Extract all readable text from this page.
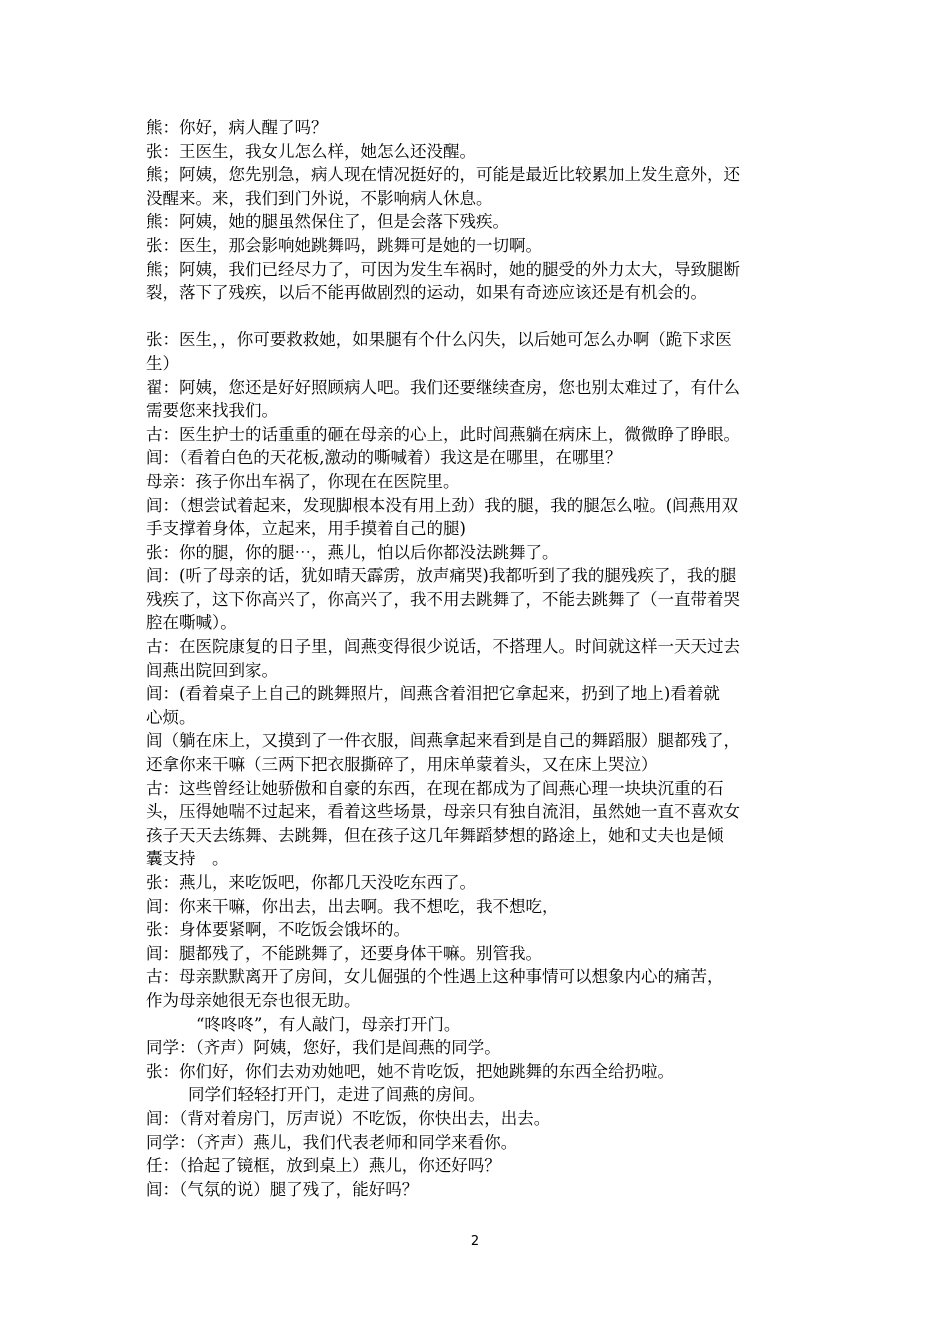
熊：你好，病人醒了吗？
张：王医生，我女儿怎么样，她怎么还没醒。
熊；阿姨，您先别急，病人现在情况挺好的，可能是最近比较累加上发生意外，还
没醒来。来，我们到门外说，不影响病人休息。
熊：阿姨，她的腿虽然保住了，但是会落下残疾。
张：医生，那会影响她跳舞吗，跳舞可是她的一切啊。
熊；阿姨，我们已经尽力了，可因为发生车祸时，她的腿受的外力太大，导致腿断
裂，落下了残疾，以后不能再做剧烈的运动，如果有奇迹应该还是有机会的。
张：医生，，你可要救救她，如果腿有个什么闪失，以后她可怎么办啊（跪下求医
生）
翟：阿姨，您还是好好照顾病人吧。我们还要继续查房，您也别太难过了，有什么
需要您来找我们。
古：医生护士的话重重的砸在母亲的心上，此时闾燕躺在病床上，微微睁了睁眼。
闾：（看着白色的天花板,激动的嘶喊着）我这是在哪里，在哪里？
母亲：孩子你出车祸了，你现在在医院里。
闾：（想尝试着起来，发现脚根本没有用上劲）我的腿，我的腿怎么啦。(闾燕用双
手支撑着身体，立起来，用手摸着自己的腿)
张：你的腿，你的腿⋯，燕儿，怕以后你都没法跳舞了。
闾：(听了母亲的话，犹如晴天霹雳，放声痛哭)我都听到了我的腿残疾了，我的腿
残疾了，这下你高兴了，你高兴了，我不用去跳舞了，不能去跳舞了（一直带着哭
腔在嘶喊）。
古：在医院康复的日子里，闾燕变得很少说话，不搭理人。时间就这样一天天过去
闾燕出院回到家。
闾：(看着桌子上自己的跳舞照片，闾燕含着泪把它拿起来，扔到了地上)看着就
心烦。
闾（躺在床上，又摸到了一件衣服，闾燕拿起来看到是自己的舞蹈服）腿都残了，
还拿你来干嘛（三两下把衣服撕碎了，用床单蒙着头，又在床上哭泣）
古：这些曾经让她骄傲和自豪的东西，在现在都成为了闾燕心理一块块沉重的石
头，压得她喘不过起来，看着这些场景，母亲只有独自流泪，虽然她一直不喜欢女
孩子天天去练舞、去跳舞，但在孩子这几年舞蹈梦想的路途上，她和丈夫也是倾
囊支持　。
张：燕儿，来吃饭吧，你都几天没吃东西了。
闾：你来干嘛，你出去，出去啊。我不想吃，我不想吃，
张：身体要紧啊，不吃饭会饿坏的。
闾：腿都残了，不能跳舞了，还要身体干嘛。别管我。
古：母亲默默离开了房间，女儿倔强的个性遇上这种事情可以想象内心的痛苦，
作为母亲她很无奈也很无助。
“咚咚咚”，有人敲门，母亲打开门。
同学：（齐声）阿姨，您好，我们是闾燕的同学。
张：你们好，你们去劝劝她吧，她不肯吃饭，把她跳舞的东西全给扔啦。
同学们轻轻打开门，走进了闾燕的房间。
闾：（背对着房门，厉声说）不吃饭，你快出去，出去。
同学：（齐声）燕儿，我们代表老师和同学来看你。
任：（拾起了镜框，放到桌上）燕儿，你还好吗？
闾：（气氛的说）腿了残了，能好吗？
2
